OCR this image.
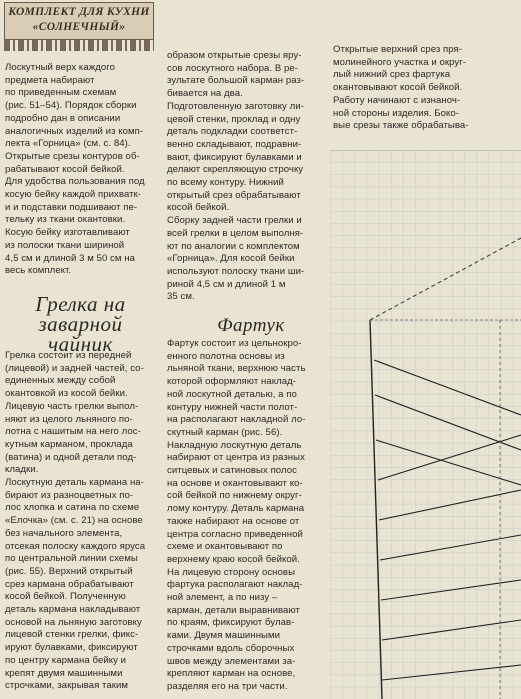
КОМПЛЕКТ ДЛЯ КУХНИ
«СОЛНЕЧНЫЙ»
Лоскутный верх каждого
предмета набирают
по приведенным схемам
(рис. 51–54). Порядок сборки
подробно дан в описании
аналогичных изделий из комп-
лекта «Горница» (см. с. 84).
Открытые срезы контуров об-
рабатывают косой бейкой.
Для удобства пользования под
косую бейку каждой прихватк-
и и подставки подшивают пе-
тельку из ткани окантовки.
Косую бейку изготавливают
из полоски ткани шириной
4,5 см и длиной 3 м 50 см на
весь комплект.
Грелка на заварной чайник
Грелка состоит из передней
(лицевой) и задней частей, со-
единенных между собой
окантовкой из косой бейки.
Лицевую часть грелки выпол-
няют из целого льняного по-
лотна с нашитым на него лос-
кутным карманом, прокладa
(ватина) и одной детали под-
кладки.
Лоскутную деталь кармана на-
бирают из разноцветных по-
лос хлопка и сатина по схеме
«Елочка» (см. с. 21) на основе
без начального элемента,
отсекая полоску каждого яруса
по центральной линии схемы
(рис. 55). Верхний открытый
срез кармана обрабатывают
косой бейкой. Полученную
деталь кармана накладывают
основой на льняную заготовку
лицевой стенки грелки, фикс-
ируют булавками, фиксируют
по центру кармана бейку и
крепят двумя машинными
строчками, закрывая таким
образом открытые срезы яру-
сов лоскутного набора. В ре-
зультате большой карман раз-
бивается на два.
Подготовленную заготовку ли-
цевой стенки, проклад и одну
деталь подкладки соответст-
венно складывают, подравни-
вают, фиксируют булавками и
делают скрепляющую строчку
по всему контуру. Нижний
открытый срез обрабатывают
косой бейкой.
Сборку задней части грелки и
всей грелки в целом выполня-
ют по аналогии с комплектом
«Горница». Для косой бейки
используют полоску ткани ши-
риной 4,5 см и длиной 1 м
35 см.
Фартук
Фартук состоит из цельнокро-
енного полотна основы из
льняной ткани, верхнюю часть
которой оформляют наклад-
ной лоскутной деталью, а по
контуру нижней части полот-
на располагают накладной ло-
скутный карман (рис. 56).
Накладную лоскутную деталь
набирают от центра из разных
ситцевых и сатиновых полос
на основе и окантовывают ко-
сой бейкой по нижнему округ-
лому контуру. Деталь кармана
также набирают на основе от
центра согласно приведенной
схеме и окантовывают по
верхнему краю косой бейкой.
На лицевую сторону основы
фартука располагают наклад-
ной элемент, а по низу –
карман, детали выравнивают
по краям, фиксируют булав-
ками. Двумя машинными
строчками вдоль сборочных
швов между элементами за-
крепляют карман на основе,
разделяя его на три части.
Открытые верхний срез пря-
молинейного участка и округ-
лый нижний срез фартука
окантовывают косой бейкой.
Работу начинают с изнаноч-
ной стороны изделия. Боко-
вые срезы также обрабатыва-
